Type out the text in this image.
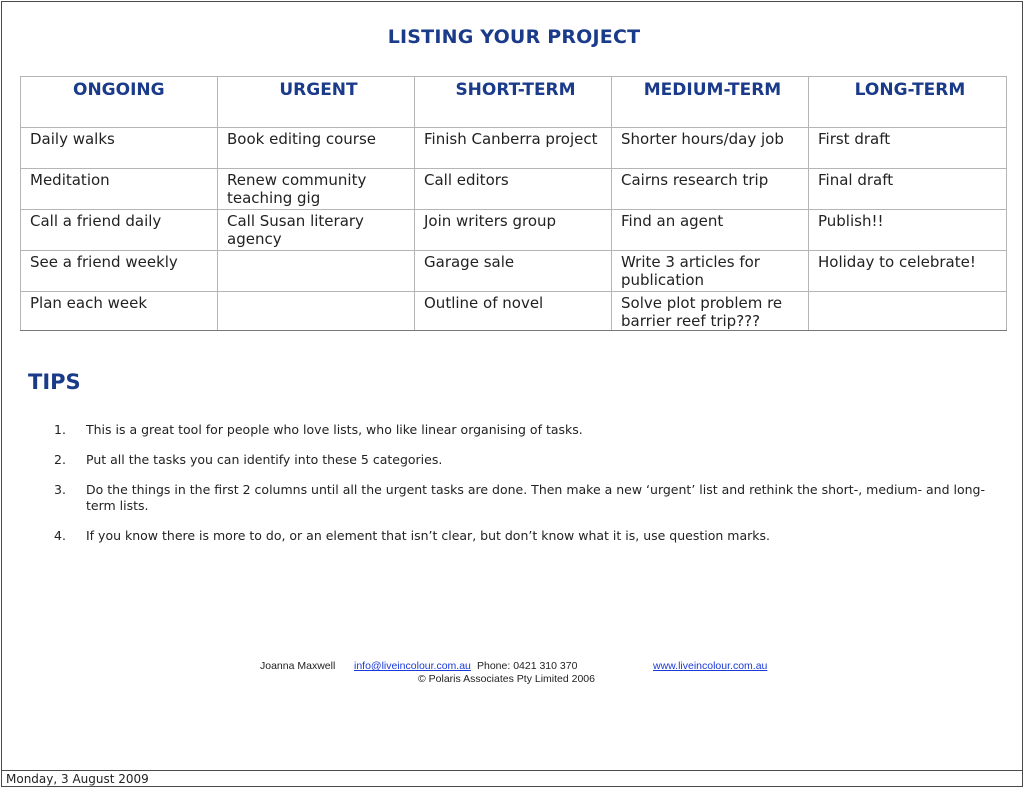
LISTING YOUR PROJECT
ONGOING	URGENT	SHORT-TERM	MEDIUM-TERM	LONG-TERM
Daily walks	Book editing course	Finish Canberra project	Shorter hours/day job	First draft
Meditation	Renew community teaching gig	Call editors	Cairns research trip	Final draft
Call a friend daily	Call Susan literary agency	Join writers group	Find an agent	Publish!!
See a friend weekly		Garage sale	Write 3 articles for publication	Holiday to celebrate!
Plan each week		Outline of novel	Solve plot problem re barrier reef trip???	
TIPS
1.	This is a great tool for people who love lists, who like linear organising of tasks.
2.	Put all the tasks you can identify into these 5 categories.
3.	Do the things in the first 2 columns until all the urgent tasks are done. Then make a new ‘urgent’ list and rethink the short-, medium- and long-term lists.
4.	If you know there is more to do, or an element that isn’t clear, but don’t know what it is, use question marks.
Joanna Maxwell info@liveincolour.com.au Phone: 0421 310 370	www.liveincolour.com.au
© Polaris Associates Pty Limited 2006
Monday, 3 August 2009
